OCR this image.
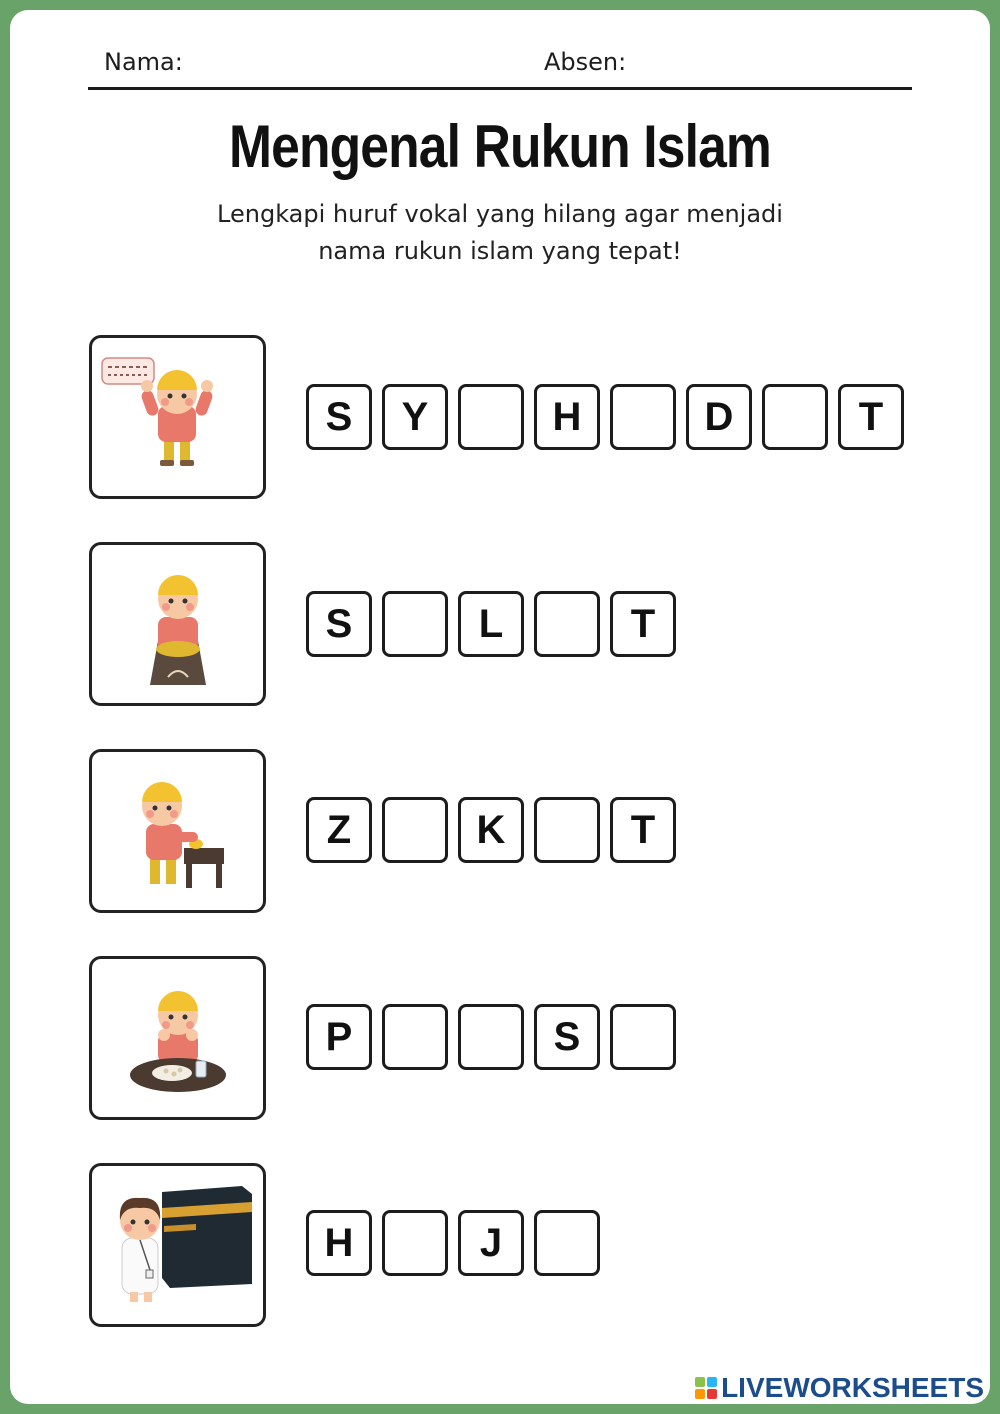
Nama:	Absen:
Mengenal Rukun Islam
Lengkapi huruf vokal yang hilang agar menjadi
nama rukun islam yang tepat!
S	Y	H	D	T
S	L	T
Z	K	T
P	S
H	J
LIVEWORKSHEETS
